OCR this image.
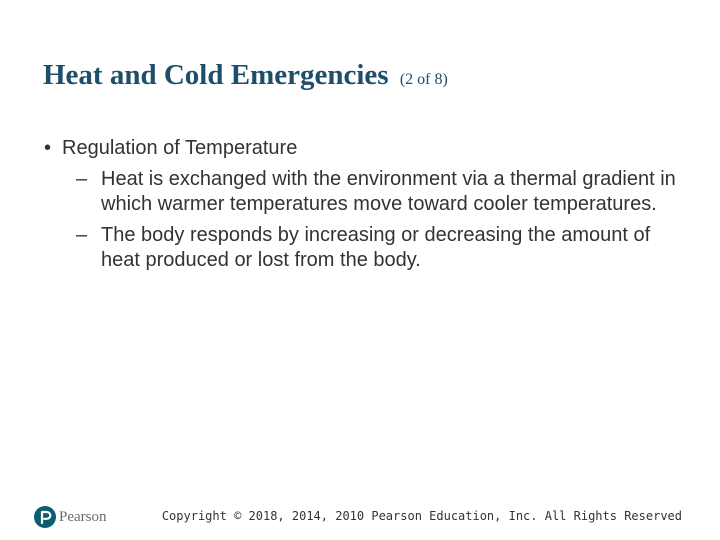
Heat and Cold Emergencies (2 of 8)
• Regulation of Temperature
– Heat is exchanged with the environment via a thermal gradient in which warmer temperatures move toward cooler temperatures.
– The body responds by increasing or decreasing the amount of heat produced or lost from the body.
Pearson	Copyright © 2018, 2014, 2010 Pearson Education, Inc. All Rights Reserved
